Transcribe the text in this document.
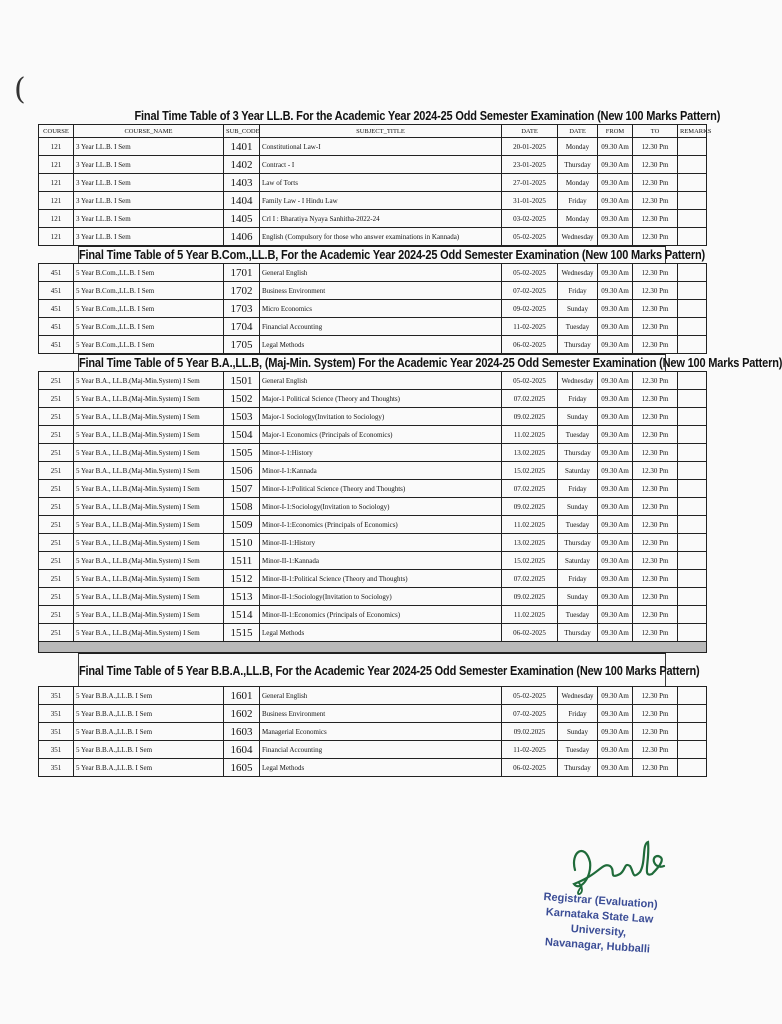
(
Final Time Table of 3 Year LL.B. For the Academic Year 2024-25 Odd Semester Examination (New 100 Marks Pattern)
COURSE	COURSE_NAME	SUB_CODE	SUBJECT_TITLE	DATE	DATE	FROM	TO	REMARKS
121	3 Year LL.B. I Sem	1401	Constitutional Law-I	20-01-2025	Monday	09.30 Am	12.30 Pm	
121	3 Year LL.B. I Sem	1402	Contract - I	23-01-2025	Thursday	09.30 Am	12.30 Pm	
121	3 Year LL.B. I Sem	1403	Law of Torts	27-01-2025	Monday	09.30 Am	12.30 Pm	
121	3 Year LL.B. I Sem	1404	Family Law - I Hindu Law	31-01-2025	Friday	09.30 Am	12.30 Pm	
121	3 Year LL.B. I Sem	1405	Crl I : Bharatiya Nyaya Sanhitha-2022-24	03-02-2025	Monday	09.30 Am	12.30 Pm	
121	3 Year LL.B. I Sem	1406	English (Compulsory for those who answer examinations in Kannada)	05-02-2025	Wednesday	09.30 Am	12.30 Pm	
Final Time Table of 5 Year B.Com.,LL.B, For the Academic Year 2024-25 Odd Semester Examination (New 100 Marks Pattern)
451	5 Year B.Com.,LL.B. I Sem	1701	General English	05-02-2025	Wednesday	09.30 Am	12.30 Pm	
451	5 Year B.Com.,LL.B. I Sem	1702	Business Environment	07-02-2025	Friday	09.30 Am	12.30 Pm	
451	5 Year B.Com.,LL.B. I Sem	1703	Micro Economics	09-02-2025	Sunday	09.30 Am	12.30 Pm	
451	5 Year B.Com.,LL.B. I Sem	1704	Financial Accounting	11-02-2025	Tuesday	09.30 Am	12.30 Pm	
451	5 Year B.Com.,LL.B. I Sem	1705	Legal Methods	06-02-2025	Thursday	09.30 Am	12.30 Pm	
Final Time Table of 5 Year B.A.,LL.B, (Maj-Min. System) For the Academic Year 2024-25 Odd Semester Examination (New 100 Marks Pattern)
251	5 Year B.A., LL.B.(Maj-Min.System) I Sem	1501	General English	05-02-2025	Wednesday	09.30 Am	12.30 Pm	
251	5 Year B.A., LL.B.(Maj-Min.System) I Sem	1502	Major-1 Political Science (Theory and Thoughts)	07.02.2025	Friday	09.30 Am	12.30 Pm	
251	5 Year B.A., LL.B.(Maj-Min.System) I Sem	1503	Major-1 Sociology(Invitation to Sociology)	09.02.2025	Sunday	09.30 Am	12.30 Pm	
251	5 Year B.A., LL.B.(Maj-Min.System) I Sem	1504	Major-1 Economics (Principals of Economics)	11.02.2025	Tuesday	09.30 Am	12.30 Pm	
251	5 Year B.A., LL.B.(Maj-Min.System) I Sem	1505	Minor-I-1:History	13.02.2025	Thursday	09.30 Am	12.30 Pm	
251	5 Year B.A., LL.B.(Maj-Min.System) I Sem	1506	Minor-I-1:Kannada	15.02.2025	Saturday	09.30 Am	12.30 Pm	
251	5 Year B.A., LL.B.(Maj-Min.System) I Sem	1507	Minor-I-1:Political Science (Theory and Thoughts)	07.02.2025	Friday	09.30 Am	12.30 Pm	
251	5 Year B.A., LL.B.(Maj-Min.System) I Sem	1508	Minor-I-1:Sociology(Invitation to Sociology)	09.02.2025	Sunday	09.30 Am	12.30 Pm	
251	5 Year B.A., LL.B.(Maj-Min.System) I Sem	1509	Minor-I-1:Economics (Principals of Economics)	11.02.2025	Tuesday	09.30 Am	12.30 Pm	
251	5 Year B.A., LL.B.(Maj-Min.System) I Sem	1510	Minor-II-1:History	13.02.2025	Thursday	09.30 Am	12.30 Pm	
251	5 Year B.A., LL.B.(Maj-Min.System) I Sem	1511	Minor-II-1:Kannada	15.02.2025	Saturday	09.30 Am	12.30 Pm	
251	5 Year B.A., LL.B.(Maj-Min.System) I Sem	1512	Minor-II-1:Political Science (Theory and Thoughts)	07.02.2025	Friday	09.30 Am	12.30 Pm	
251	5 Year B.A., LL.B.(Maj-Min.System) I Sem	1513	Minor-II-1:Sociology(Invitation to Sociology)	09.02.2025	Sunday	09.30 Am	12.30 Pm	
251	5 Year B.A., LL.B.(Maj-Min.System) I Sem	1514	Minor-II-1:Economics (Principals of Economics)	11.02.2025	Tuesday	09.30 Am	12.30 Pm	
251	5 Year B.A., LL.B.(Maj-Min.System) I Sem	1515	Legal Methods	06-02-2025	Thursday	09.30 Am	12.30 Pm	

Final Time Table of 5 Year B.B.A.,LL.B, For the Academic Year 2024-25 Odd Semester Examination (New 100 Marks Pattern)
351	5 Year B.B.A.,LL.B. I Sem	1601	General English	05-02-2025	Wednesday	09.30 Am	12.30 Pm	
351	5 Year B.B.A.,LL.B. I Sem	1602	Business Environment	07-02-2025	Friday	09.30 Am	12.30 Pm	
351	5 Year B.B.A.,LL.B. I Sem	1603	Managerial Economics	09.02.2025	Sunday	09.30 Am	12.30 Pm	
351	5 Year B.B.A.,LL.B. I Sem	1604	Financial Accounting	11-02-2025	Tuesday	09.30 Am	12.30 Pm	
351	5 Year B.B.A.,LL.B. I Sem	1605	Legal Methods	06-02-2025	Thursday	09.30 Am	12.30 Pm	
Registrar (Evaluation)
Karnataka State Law University,
Navanagar, Hubballi
